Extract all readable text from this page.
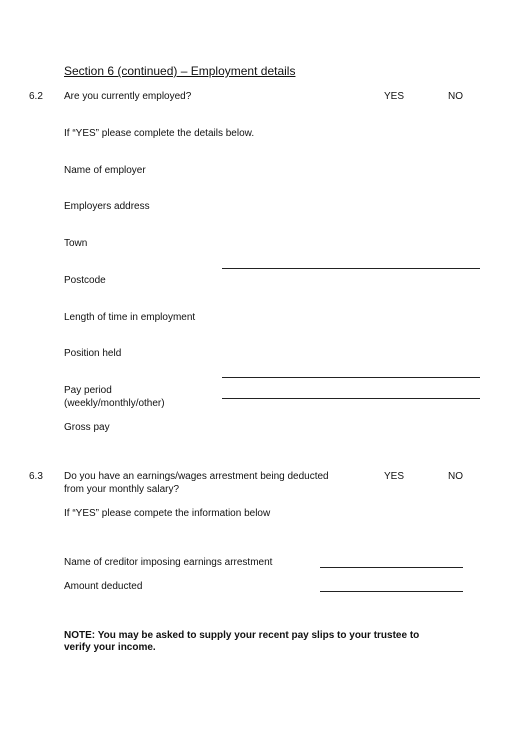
Section 6 (continued) – Employment details
6.2 Are you currently employed?	YES	NO
If “YES” please complete the details below.
Name of employer
Employers address
Town
Postcode
Length of time in employment
Position held
Pay period
(weekly/monthly/other)
Gross pay
6.3 Do you have an earnings/wages arrestment being deducted
from your monthly salary?
YES	NO
If “YES” please compete the information below
Name of creditor imposing earnings arrestment
Amount deducted
NOTE: You may be asked to supply your recent pay slips to your trustee to
verify your income.
